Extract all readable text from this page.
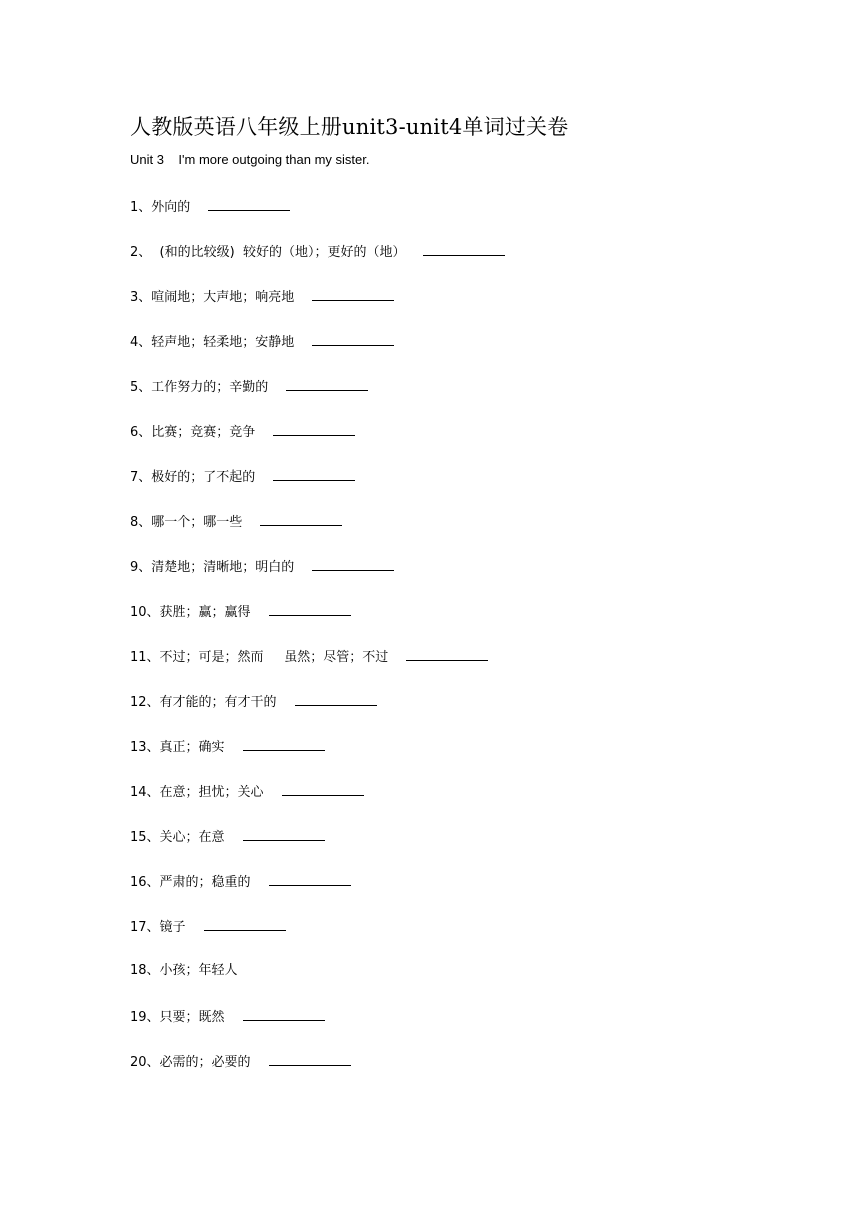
人教版英语八年级上册unit3-unit4单词过关卷
Unit 3    I'm more outgoing than my sister.
1、外向的
2、  (和的比较级)  较好的（地）；更好的（地）
3、喧闹地；大声地；响亮地
4、轻声地；轻柔地；安静地
5、工作努力的；辛勤的
6、比赛；竞赛；竞争
7、极好的；了不起的
8、哪一个；哪一些
9、清楚地；清晰地；明白的
10、获胜；赢；赢得
11、不过；可是；然而     虽然；尽管；不过
12、有才能的；有才干的
13、真正；确实
14、在意；担忧；关心
15、关心；在意
16、严肃的；稳重的
17、镜子
18、小孩；年轻人
19、只要；既然
20、必需的；必要的
